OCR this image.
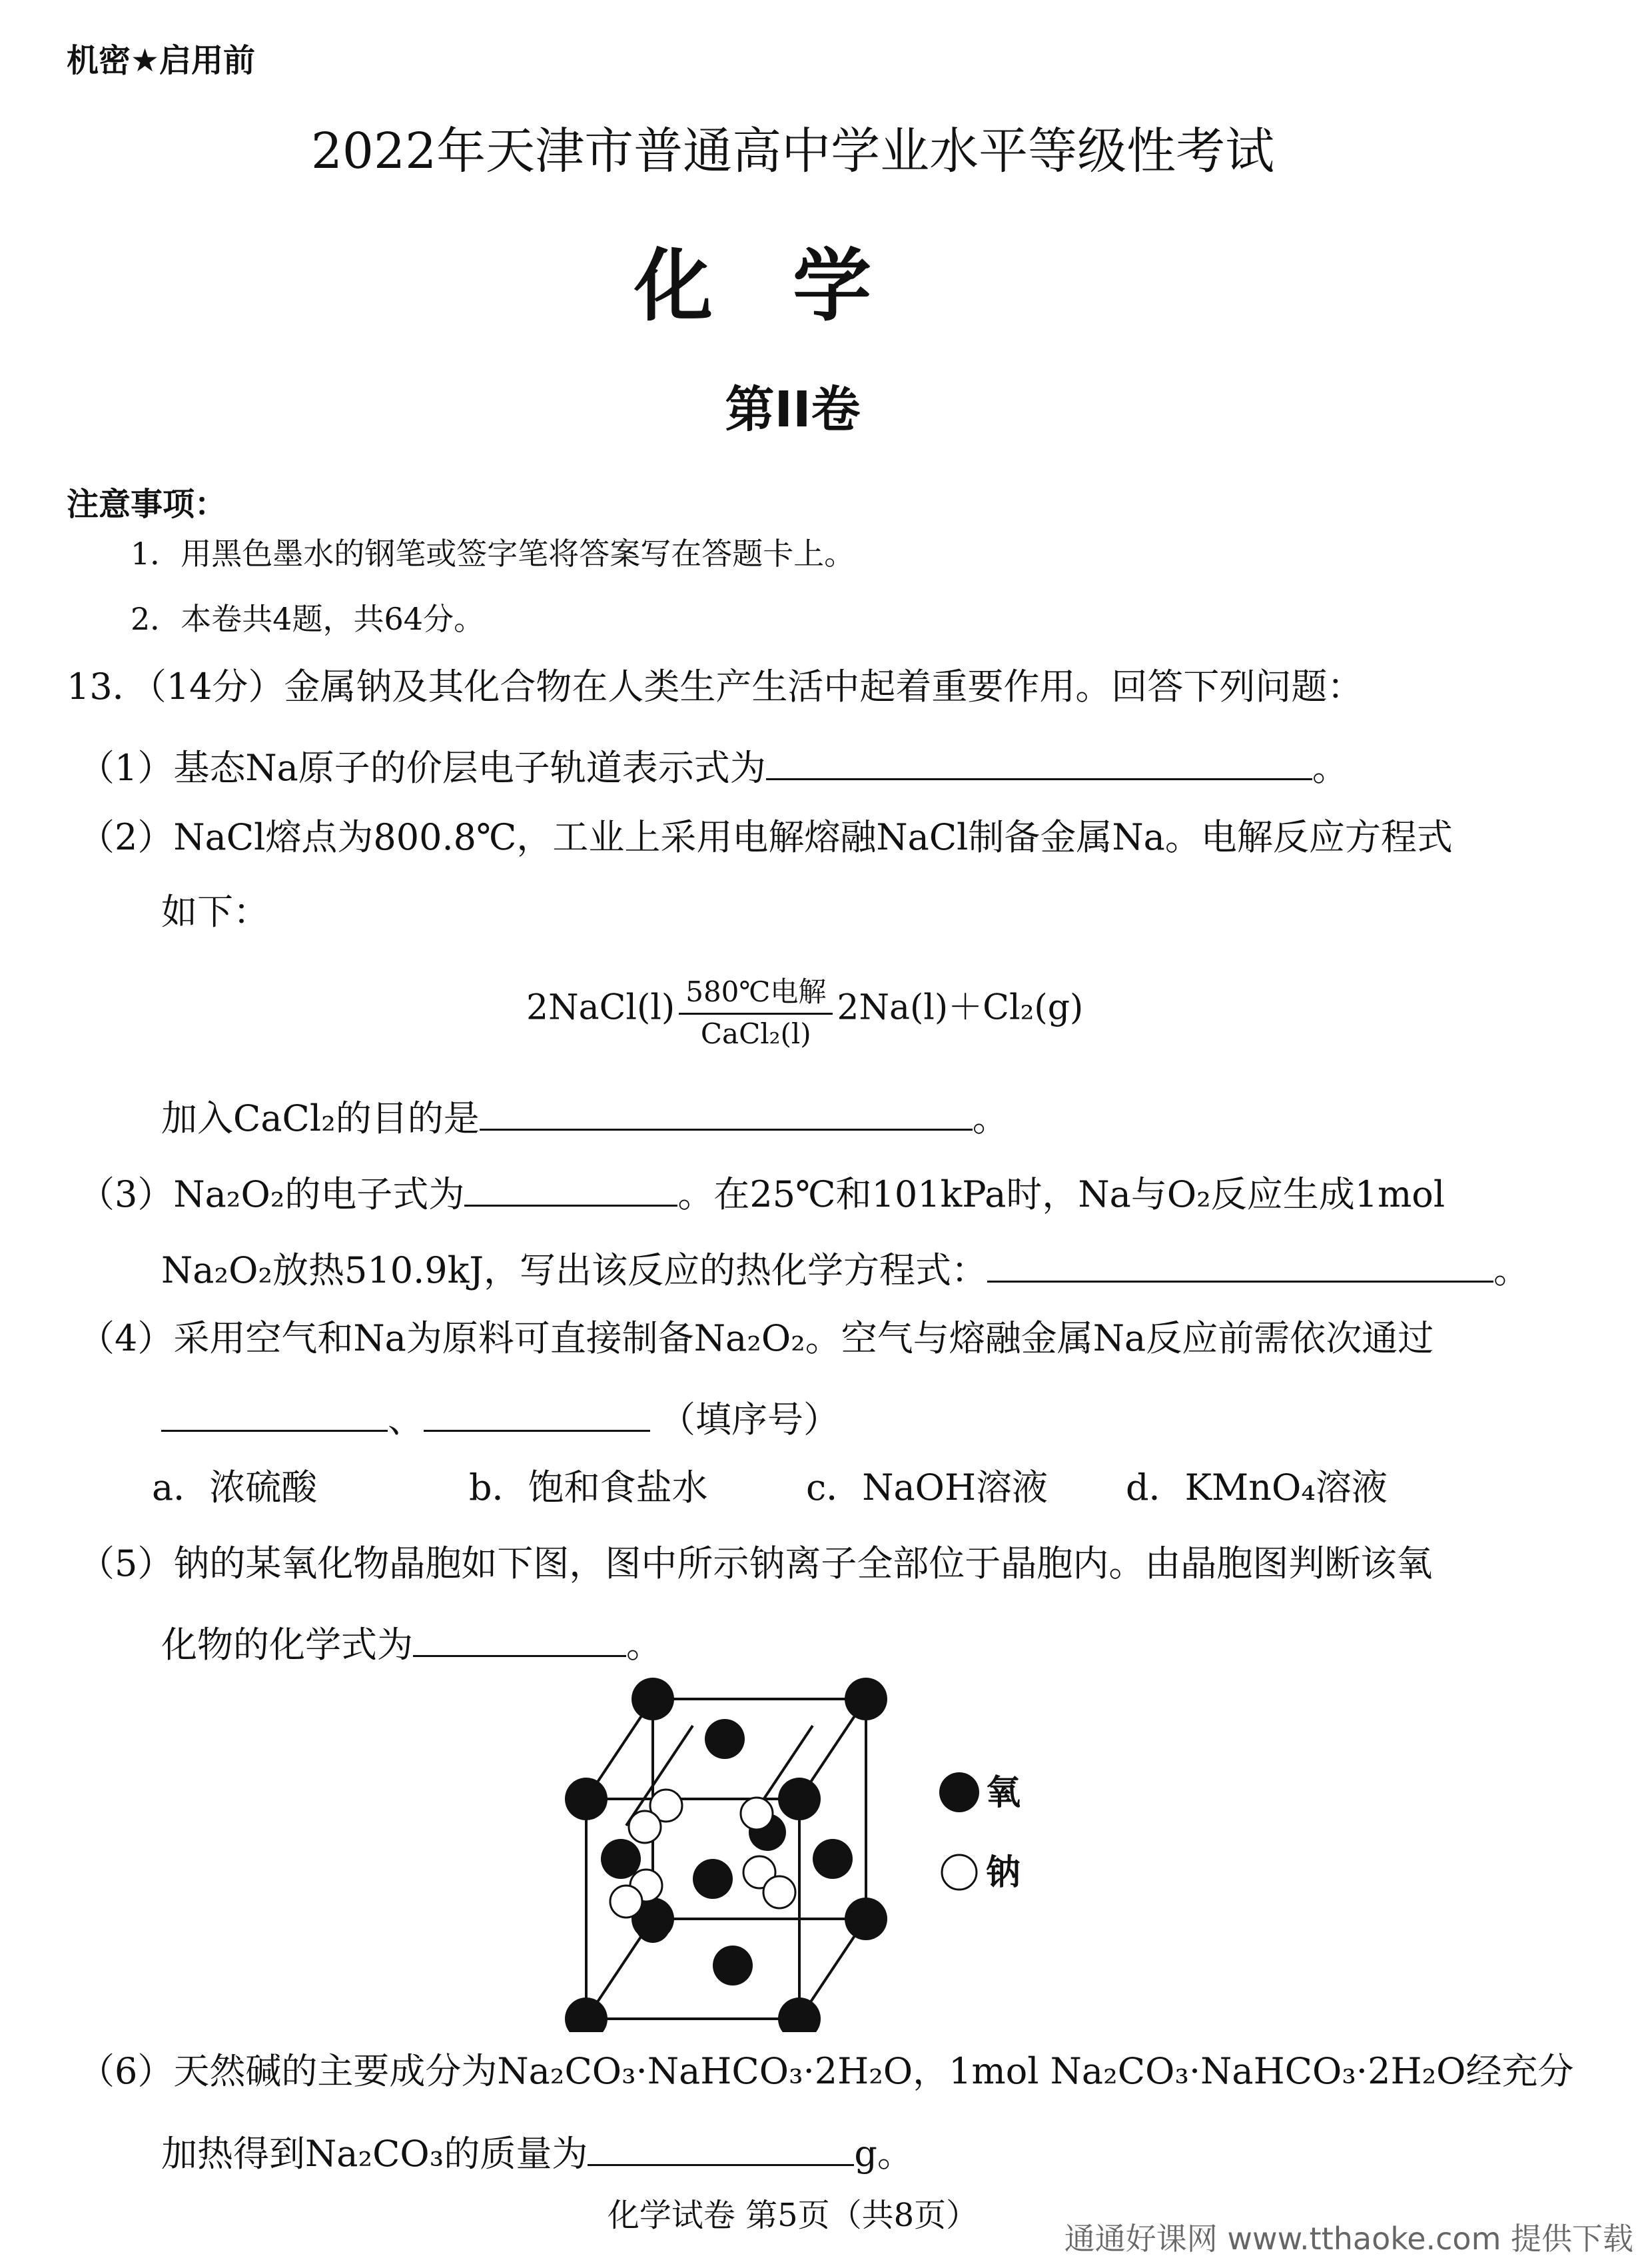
机密★启用前
2022年天津市普通高中学业水平等级性考试
化学
第II卷
注意事项：
1．用黑色墨水的钢笔或签字笔将答案写在答题卡上。
2．本卷共4题，共64分。
13．（14分）金属钠及其化合物在人类生产生活中起着重要作用。回答下列问题：
（1）基态Na原子的价层电子轨道表示式为	。
（2）NaCl熔点为800.8℃，工业上采用电解熔融NaCl制备金属Na。电解反应方程式
如下：
2NaCl(l) $\frac{\text{580℃电解}}{\text{CaCl₂(l)}} 2Na(l)+Cl_2(g)$
加入CaCl₂的目的是	。
（3）Na₂O₂的电子式为	。在25℃和101kPa时，Na与O₂反应生成1mol
Na₂O₂放热510.9kJ，写出该反应的热化学方程式：	。
（4）采用空气和Na为原料可直接制备Na₂O₂。空气与熔融金属Na反应前需依次通过
、	（填序号）
a．浓硫酸	b．饱和食盐水	c．NaOH溶液 d．KMnO₄溶液
（5）钠的某氧化物晶胞如下图，图中所示钠离子全部位于晶胞内。由晶胞图判断该氧
化物的化学式为	。
氧
钠
（6）天然碱的主要成分为Na₂CO₃·NaHCO₃·2H₂O，1mol Na₂CO₃·NaHCO₃·2H₂O经充分
加热得到Na₂CO₃的质量为	g。
化学试卷 第5页（共8页）
通通好课网 www.tthaoke.com 提供下载
